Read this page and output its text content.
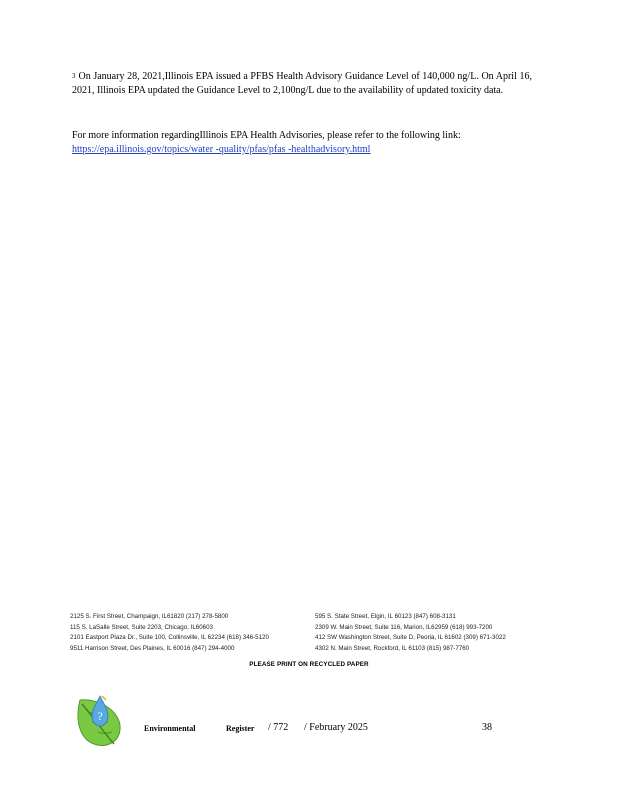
$^3$ On January 28, 2021,Illinois EPA issued a PFBS Health Advisory Guidance Level of 140,000 ng/L. On April 16, 2021, Illinois EPA updated the Guidance Level to 2,100ng/L due to the availability of updated toxicity data.
For more information regardingIllinois EPA Health Advisories, please refer to the following link:
https://epa.illinois.gov/topics/water -quality/pfas/pfas -healthadvisory.html
2125 S. First Street, Champaign, IL61820 (217) 278-5800	595 S. State Street, Elgin, IL 60123 (847) 608-3131
115 S. LaSalle Street, Suite 2203, Chicago, IL60603	2309 W. Main Street, Suite 116, Marion, IL62959 (618) 993-7200
2101 Eastport Plaza Dr., Suite 100, Collinsville, IL 62234 (618) 346-5120	412 SW Washington Street, Suite D, Peoria, IL 61602 (309) 671-3022
9511 Harrison Street, Des Plaines, IL 60016 (847) 294-4000	4302 N. Main Street, Rockford, IL 61103 (815) 987-7760
PLEASE PRINT ON RECYCLED PAPER
?
Environmental	Register / 772 / February 2025	38
